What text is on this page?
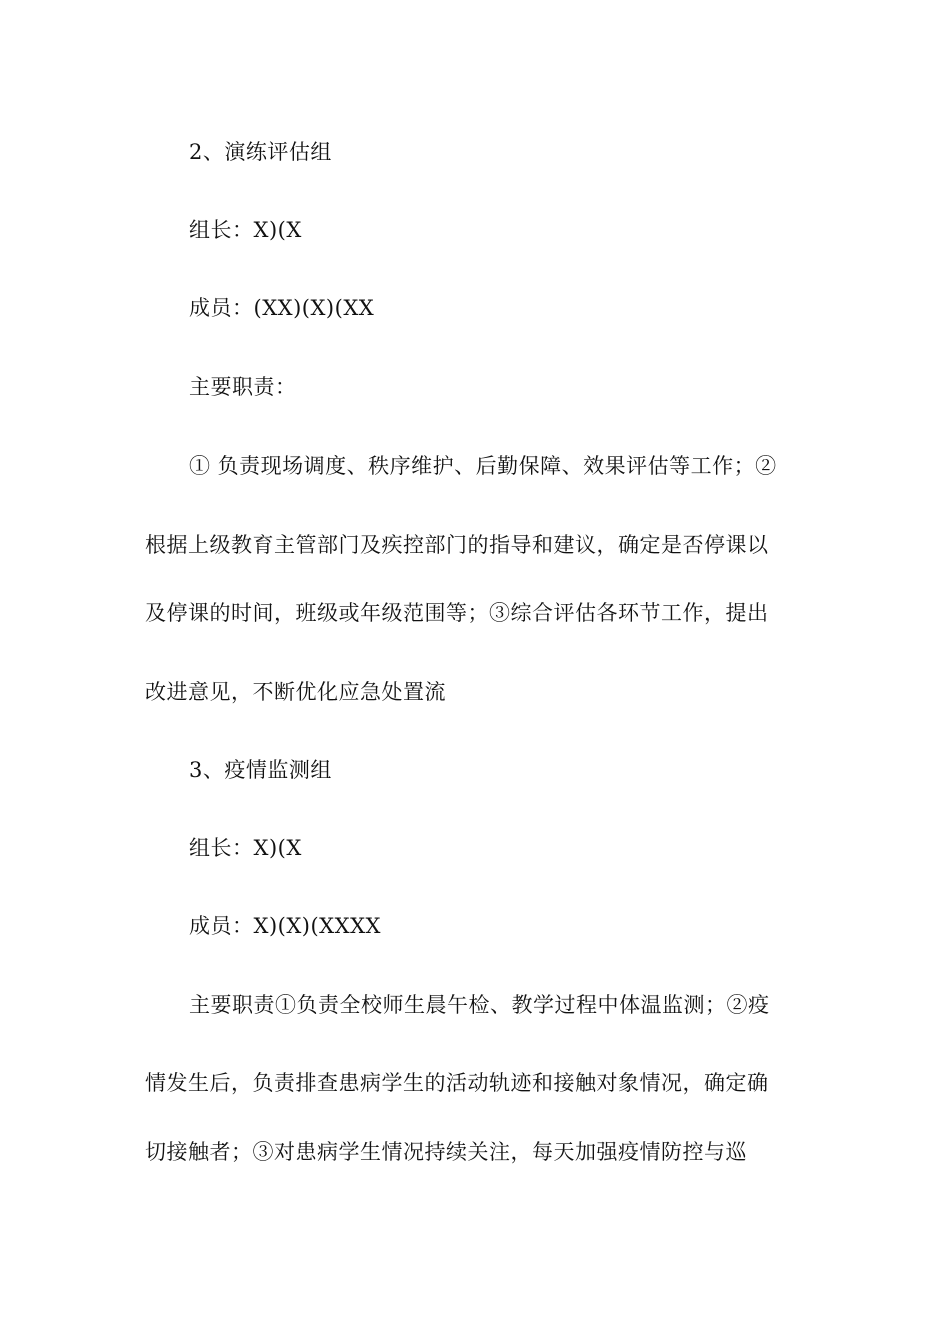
2、演练评估组
组长：X)(X
成员：(XX)(X)(XX
主要职责：
① 负责现场调度、秩序维护、后勤保障、效果评估等工作；②
根据上级教育主管部门及疾控部门的指导和建议，确定是否停课以
及停课的时间，班级或年级范围等；③综合评估各环节工作，提出
改进意见，不断优化应急处置流
3、疫情监测组
组长：X)(X
成员：X)(X)(XXXX
主要职责①负责全校师生晨午检、教学过程中体温监测；②疫
情发生后，负责排查患病学生的活动轨迹和接触对象情况，确定确
切接触者；③对患病学生情况持续关注，每天加强疫情防控与巡
